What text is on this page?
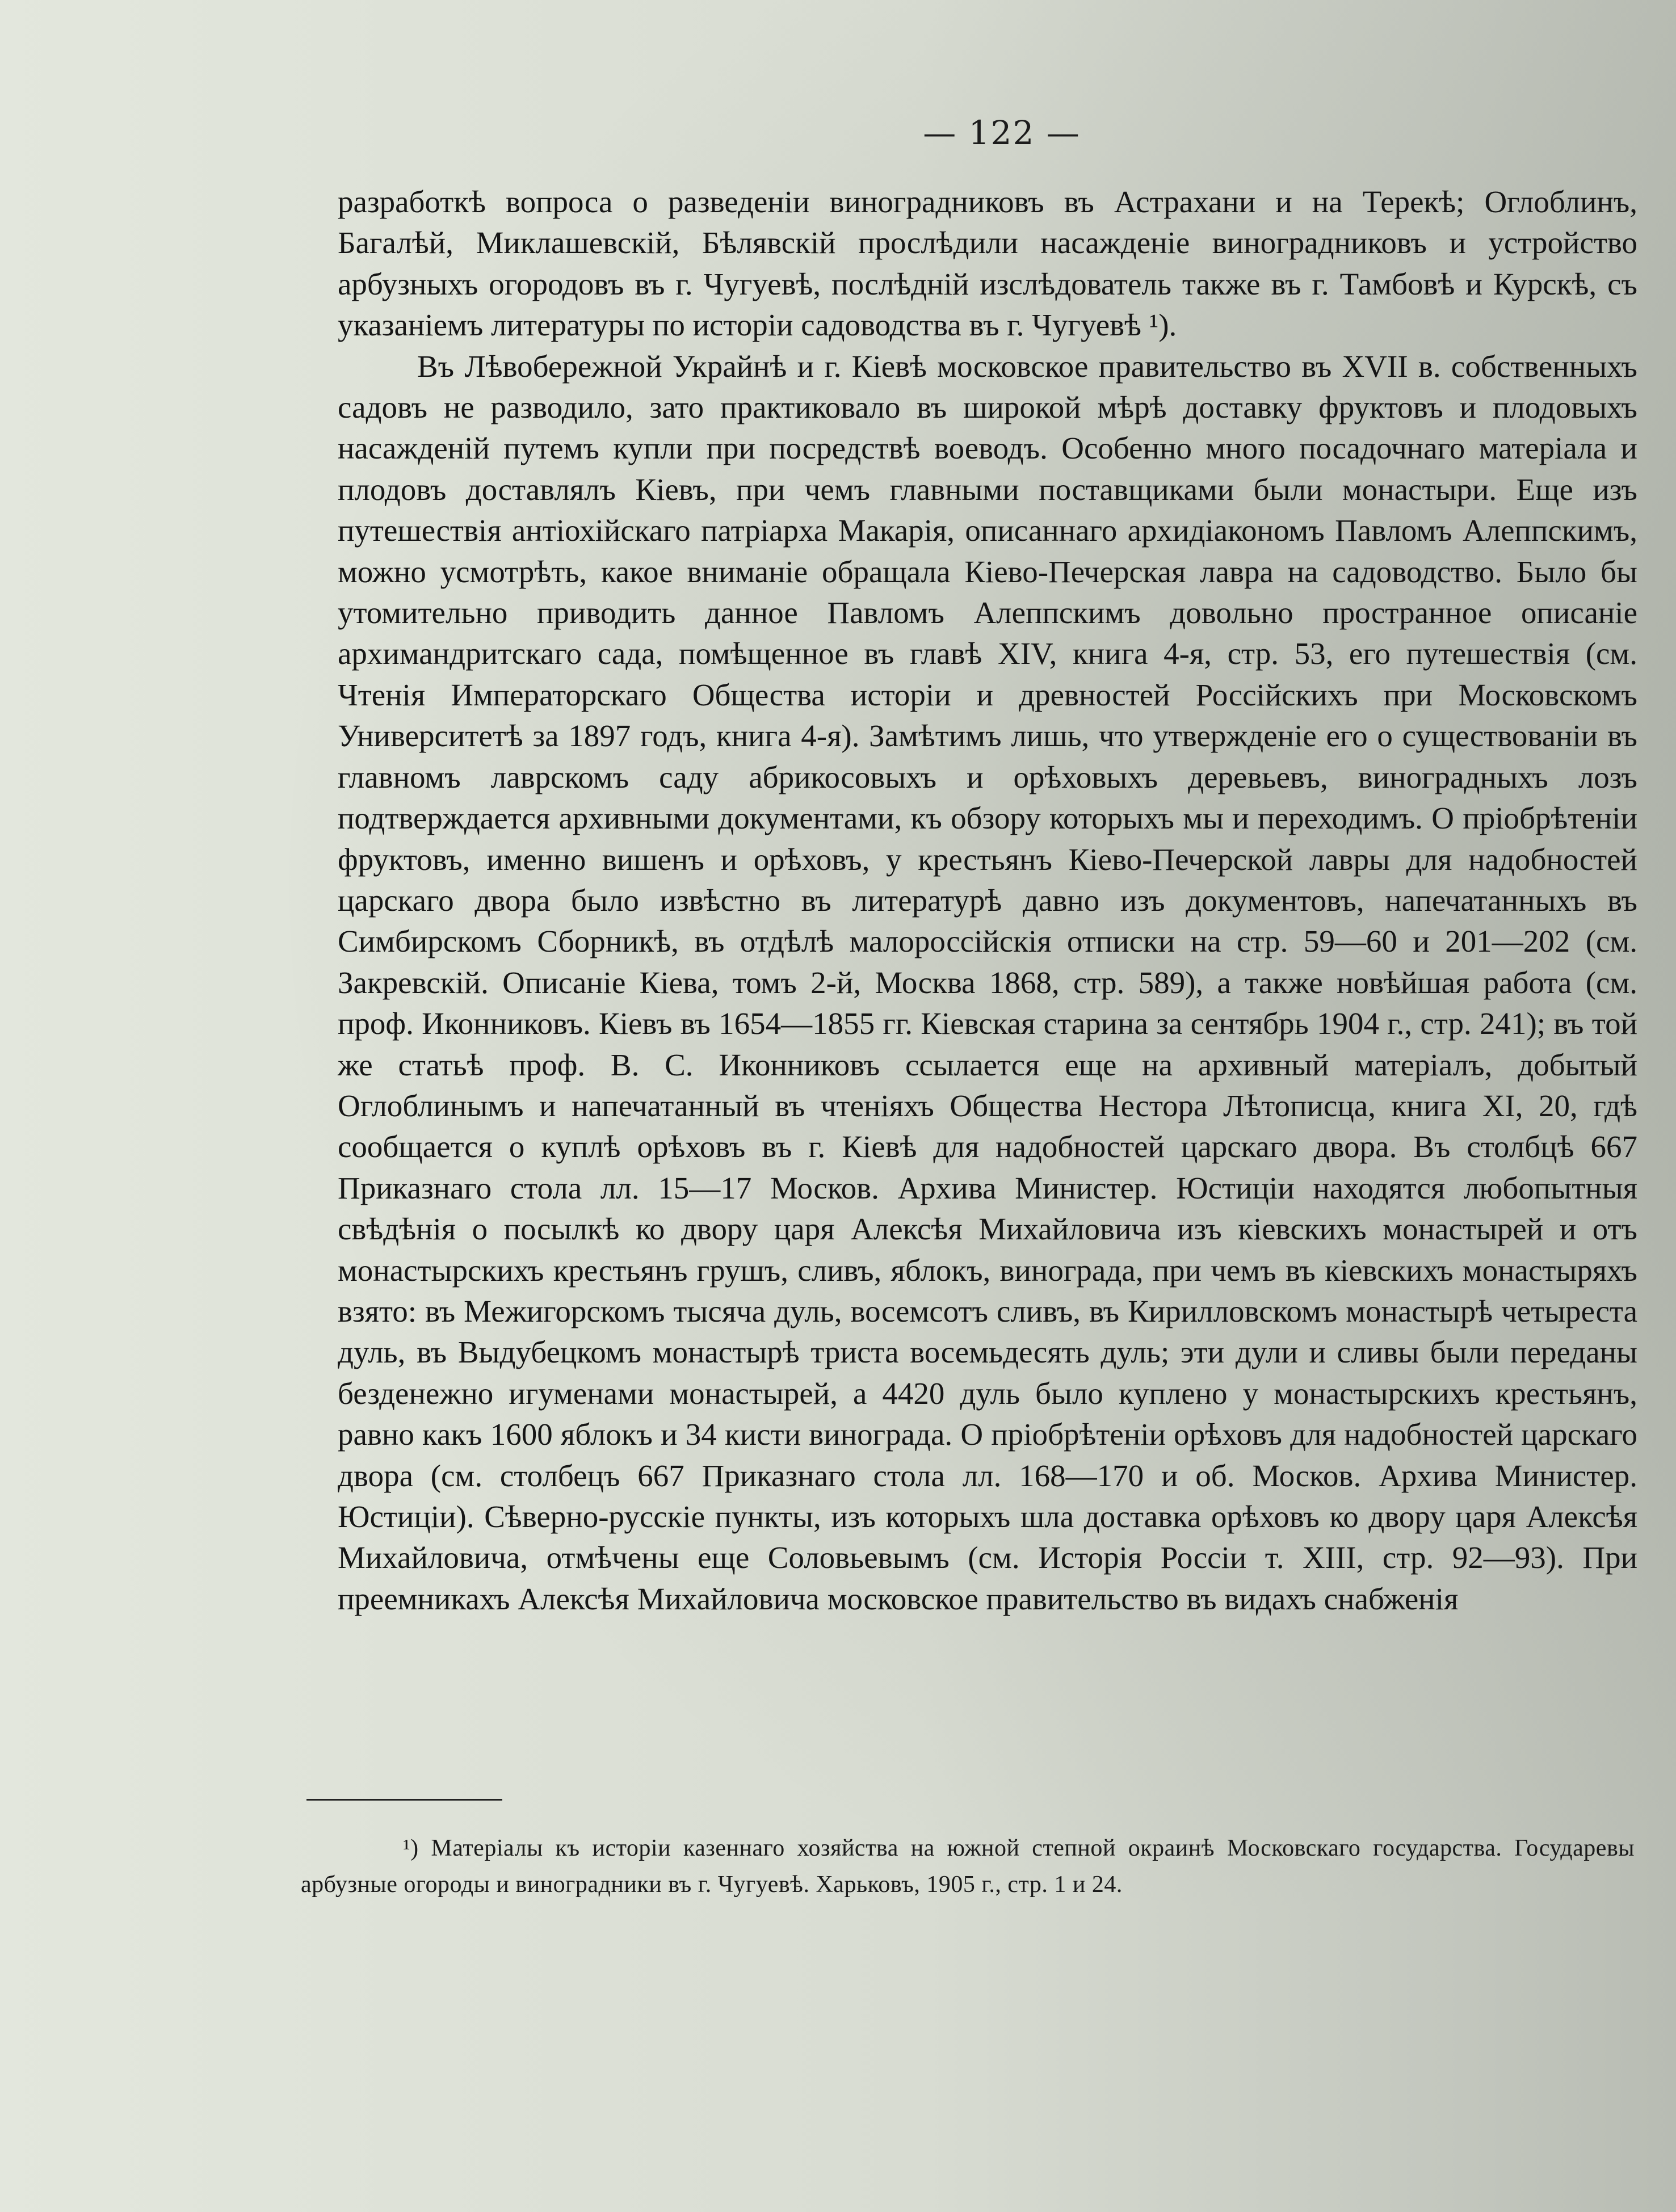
— 122 —

разработкѣ вопроса о разведенiи виноградниковъ въ Астрахани и на Терекѣ; Оглоблинъ, Багалѣй, Миклашевскiй, Бѣлявскiй прослѣдили насажденiе виноградниковъ и устройство арбузныхъ огородовъ въ г. Чугуевѣ, послѣднiй изслѣдователь также въ г. Тамбовѣ и Курскѣ, съ указанiемъ литературы по исторiи садоводства въ г. Чугуевѣ ¹).

Въ Лѣвобережной Украйнѣ и г. Кiевѣ московское правительство въ XVII в. собственныхъ садовъ не разводило, зато практиковало въ широкой мѣрѣ доставку фруктовъ и плодовыхъ насажденiй путемъ купли при посредствѣ воеводъ. Особенно много посадочнаго матерiала и плодовъ доставлялъ Кiевъ, при чемъ главными поставщиками были монастыри. Еще изъ путешествiя антiохiйскаго патрiарха Макарiя, описаннаго архидiакономъ Павломъ Алеппскимъ, можно усмотрѣть, какое вниманiе обращала Кiево-Печерская лавра на садоводство. Было бы утомительно приводить данное Павломъ Алеппскимъ довольно пространное описанiе архимандритскаго сада, помѣщенное въ главѣ XIV, книга 4-я, стр. 53, его путешествiя (см. Чтенiя Императорскаго Общества исторiи и древностей Россiйскихъ при Московскомъ Университетѣ за 1897 годъ, книга 4-я). Замѣтимъ лишь, что утвержденiе его о существованiи въ главномъ лаврскомъ саду абрикосовыхъ и орѣховыхъ деревьевъ, виноградныхъ лозъ подтверждается архивными документами, къ обзору которыхъ мы и переходимъ. О прiобрѣтенiи фруктовъ, именно вишенъ и орѣховъ, у крестьянъ Кiево-Печерской лавры для надобностей царскаго двора было извѣстно въ литературѣ давно изъ документовъ, напечатанныхъ въ Симбирскомъ Сборникѣ, въ отдѣлѣ малороссiйскiя отписки на стр. 59—60 и 201—202 (см. Закревскiй. Описанiе Кiева, томъ 2-й, Москва 1868, стр. 589), а также новѣйшая работа (см. проф. Иконниковъ. Кiевъ въ 1654—1855 гг. Кiевская старина за сентябрь 1904 г., стр. 241); въ той же статьѣ проф. В. С. Иконниковъ ссылается еще на архивный матерiалъ, добытый Оглоблинымъ и напечатанный въ чтенiяхъ Общества Нестора Лѣтописца, книга XI, 20, гдѣ сообщается о куплѣ орѣховъ въ г. Кiевѣ для надобностей царскаго двора. Въ столбцѣ 667 Приказнаго стола лл. 15—17 Москов. Архива Министер. Юстицiи находятся любопытныя свѣдѣнiя о посылкѣ ко двору царя Алексѣя Михайловича изъ кiевскихъ монастырей и отъ монастырскихъ крестьянъ грушъ, сливъ, яблокъ, винограда, при чемъ въ кiевскихъ монастыряхъ взято: въ Межигорскомъ тысяча дуль, восемсотъ сливъ, въ Кирилловскомъ монастырѣ четыреста дуль, въ Выдубецкомъ монастырѣ триста восемьдесять дуль; эти дули и сливы были переданы безденежно игуменами монастырей, а 4420 дуль было куплено у монастырскихъ крестьянъ, равно какъ 1600 яблокъ и 34 кисти винограда. О прiобрѣтенiи орѣховъ для надобностей царскаго двора (см. столбецъ 667 Приказнаго стола лл. 168—170 и об. Москов. Архива Министер. Юстицiи). Сѣверно-русскiе пункты, изъ которыхъ шла доставка орѣховъ ко двору царя Алексѣя Михайловича, отмѣчены еще Соловьевымъ (см. Исторiя Россiи т. XIII, стр. 92—93). При преемникахъ Алексѣя Михайловича московское правительство въ видахъ снабженiя

¹) Матерiалы къ исторiи казеннаго хозяйства на южной степной окраинѣ Московскаго государства. Государевы арбузные огороды и виноградники въ г. Чугуевѣ. Харьковъ, 1905 г., стр. 1 и 24.
